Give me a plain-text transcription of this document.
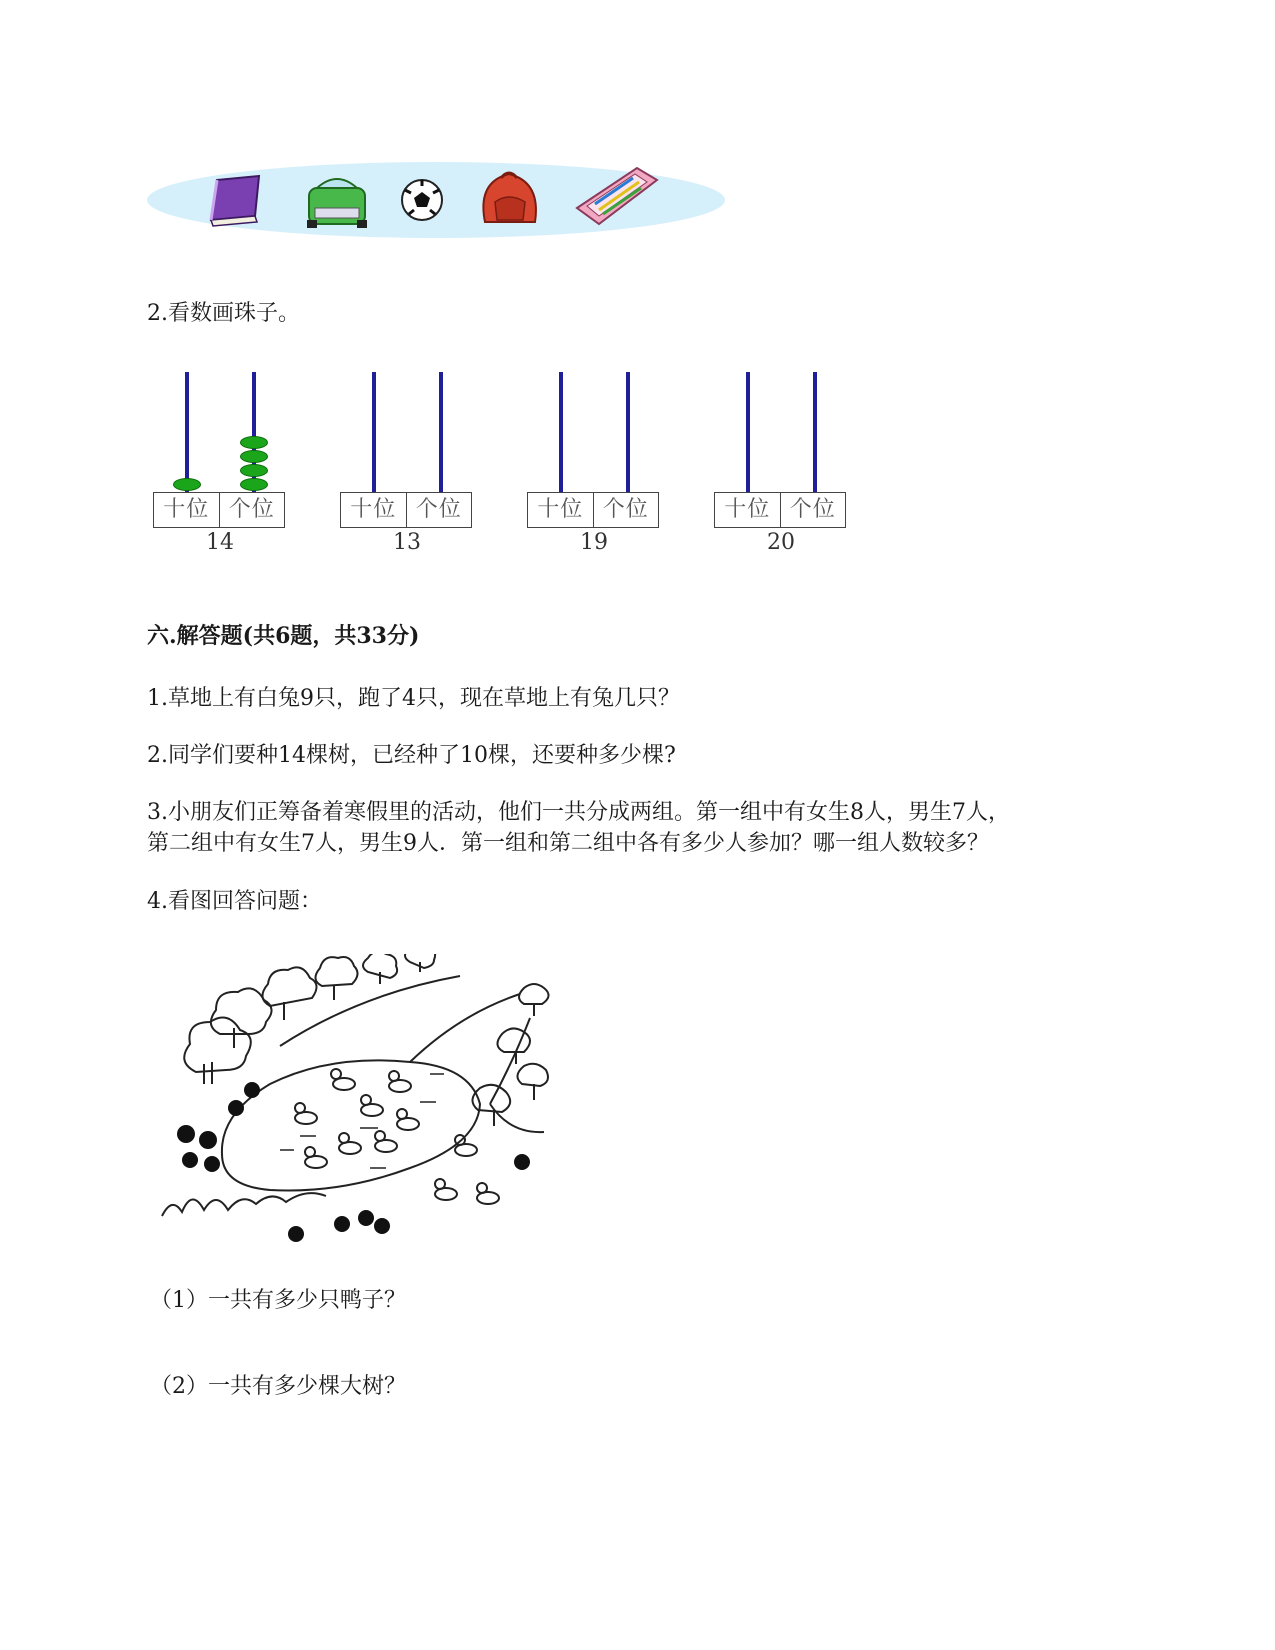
2.看数画珠子。
十位 个位
14
十位 个位
13
十位 个位
19
十位 个位
20
六.解答题(共6题，共33分)
1.草地上有白兔9只，跑了4只，现在草地上有兔几只？
2.同学们要种14棵树，已经种了10棵，还要种多少棵?
3.小朋友们正筹备着寒假里的活动，他们一共分成两组。第一组中有女生8人，男生7人，
第二组中有女生7人，男生9人．第一组和第二组中各有多少人参加？哪一组人数较多？
4.看图回答问题：
（1）一共有多少只鸭子？
（2）一共有多少棵大树？
